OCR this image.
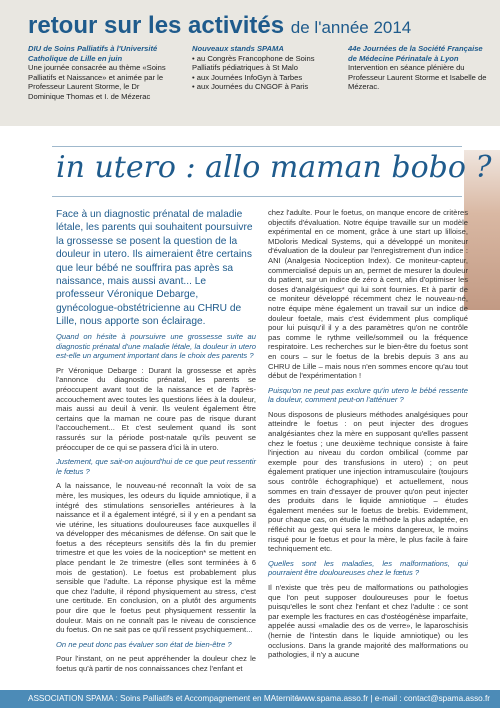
retour sur les activités de l'année 2014
DIU de Soins Palliatifs à l'Université Catholique de Lille en juin
Une journée consacrée au thème «Soins Palliatifs et Naissance» et animée par le Professeur Laurent Storme, le Dr Dominique Thomas et I. de Mézerac
Nouveaux stands SPAMA
• au Congrès Francophone de Soins Palliatifs pédiatriques à St Malo
• aux Journées InfoGyn à Tarbes
• aux Journées du CNGOF à Paris
44e Journées de la Société Française de Médecine Périnatale à Lyon
Intervention en séance plénière du Professeur Laurent Storme et Isabelle de Mézerac.
in utero : allo maman bobo ?
Face à un diagnostic prénatal de maladie létale, les parents qui souhaitent poursuivre la grossesse se posent la question de la douleur in utero. Ils aimeraient être certains que leur bébé ne souffrira pas après sa naissance, mais aussi avant... Le professeur Véronique Debarge, gynécologue-obstétricienne au CHRU de Lille, nous apporte son éclairage.

Quand on hésite à poursuivre une grossesse suite au diagnostic prénatal d'une maladie létale, la douleur in utero est-elle un argument important dans le choix des parents ?

Pr Véronique Debarge : Durant la grossesse et après l'annonce du diagnostic prénatal, les parents se préoccupent avant tout de la naissance et de l'après-accouchement avec toutes les questions liées à la douleur, mais aussi au deuil à venir. Ils veulent également être certains que la maman ne coure pas de risque durant l'accouchement... Et c'est seulement quand ils sont rassurés sur la période post-natale qu'ils peuvent se préoccuper de ce qui se passera d'ici là in utero.

Justement, que sait-on aujourd'hui de ce que peut ressentir le fœtus ?

A la naissance, le nouveau-né reconnaît la voix de sa mère, les musiques, les odeurs du liquide amniotique, il a intégré des stimulations sensorielles antérieures à la naissance et il a également intégré, si il y en a pendant sa vie utérine, les situations douloureuses face auxquelles il va développer des mécanismes de défense. On sait que le foetus a des récepteurs sensitifs dès la fin du premier trimestre et que les voies de la nociception* se mettent en place pendant le 2e trimestre (elles sont terminées à 6 mois de gestation). Le foetus est probablement plus sensible que l'adulte. La réponse physique est la même que chez l'adulte, il répond physiquement au stress, c'est une certitude. En conclusion, on a plutôt des arguments pour dire que le foetus peut physiquement ressentir la douleur. Mais on ne connaît pas le niveau de conscience du foetus. On ne sait pas ce qu'il ressent psychiquement...

On ne peut donc pas évaluer son état de bien-être ?

Pour l'instant, on ne peut appréhender la douleur chez le foetus qu'à partir de nos connaissances chez l'enfant et

chez l'adulte. Pour le foetus, on manque encore de critères objectifs d'évaluation. Notre équipe travaille sur un modèle expérimental en ce moment, grâce à une start up lilloise, MDoloris Medical Systems, qui a développé un moniteur d'évaluation de la douleur par l'enregistrement d'un indice : ANI (Analgesia Nociception Index). Ce moniteur-capteur, commercialisé depuis un an, permet de mesurer la douleur du patient, sur un indice de zéro à cent, afin d'optimiser les doses d'analgésiques* qui lui sont fournies. Et à partir de ce moniteur développé récemment chez le nouveau-né, notre équipe mène également un travail sur un indice de douleur foetale, mais c'est évidemment plus compliqué pour lui puisqu'il il y a des paramètres qu'on ne contrôle pas comme le rythme veille/sommeil ou la fréquence respiratoire. Les recherches sur le bien-être du foetus sont en cours – sur le foetus de la brebis depuis 3 ans au CHRU de Lille – mais nous n'en sommes encore qu'au tout début de l'expérimentation !

Puisqu'on ne peut pas exclure qu'in utero le bébé ressente la douleur, comment peut-on l'atténuer ?

Nous disposons de plusieurs méthodes analgésiques pour atteindre le foetus : on peut injecter des drogues analgésiantes chez la mère en supposant qu'elles passent chez le foetus ; une deuxième technique consiste à faire l'injection au niveau du cordon ombilical (comme par exemple pour des transfusions in utero) ; on peut également pratiquer une injection intramusculaire (toujours sous contrôle échographique) et actuellement, nous sommes en train d'essayer de prouver qu'on peut injecter des produits dans le liquide amniotique – études également menées sur le foetus de brebis. Evidemment, pour chaque cas, on étudie la méthode la plus adaptée, en réfléchit au geste qui sera le moins dangereux, le moins risqué pour le foetus et pour la mère, le plus facile à faire techniquement etc.

Quelles sont les maladies, les malformations, qui pourraient être douloureuses chez le fœtus ?

Il n'existe que très peu de malformations ou pathologies que l'on peut supposer douloureuses pour le foetus puisqu'elles le sont chez l'enfant et chez l'adulte : ce sont par exemple les fractures en cas d'ostéogénèse imparfaite, appelée aussi «maladie des os de verre», le laparoschisis (hernie de l'intestin dans le liquide amniotique) ou les occlusions. Dans la grande majorité des malformations ou pathologies, il n'y a aucune

ASSOCIATION SPAMA : Soins Palliatifs et Accompagnement en MAternité
www.spama.asso.fr | e-mail : contact@spama.asso.fr
